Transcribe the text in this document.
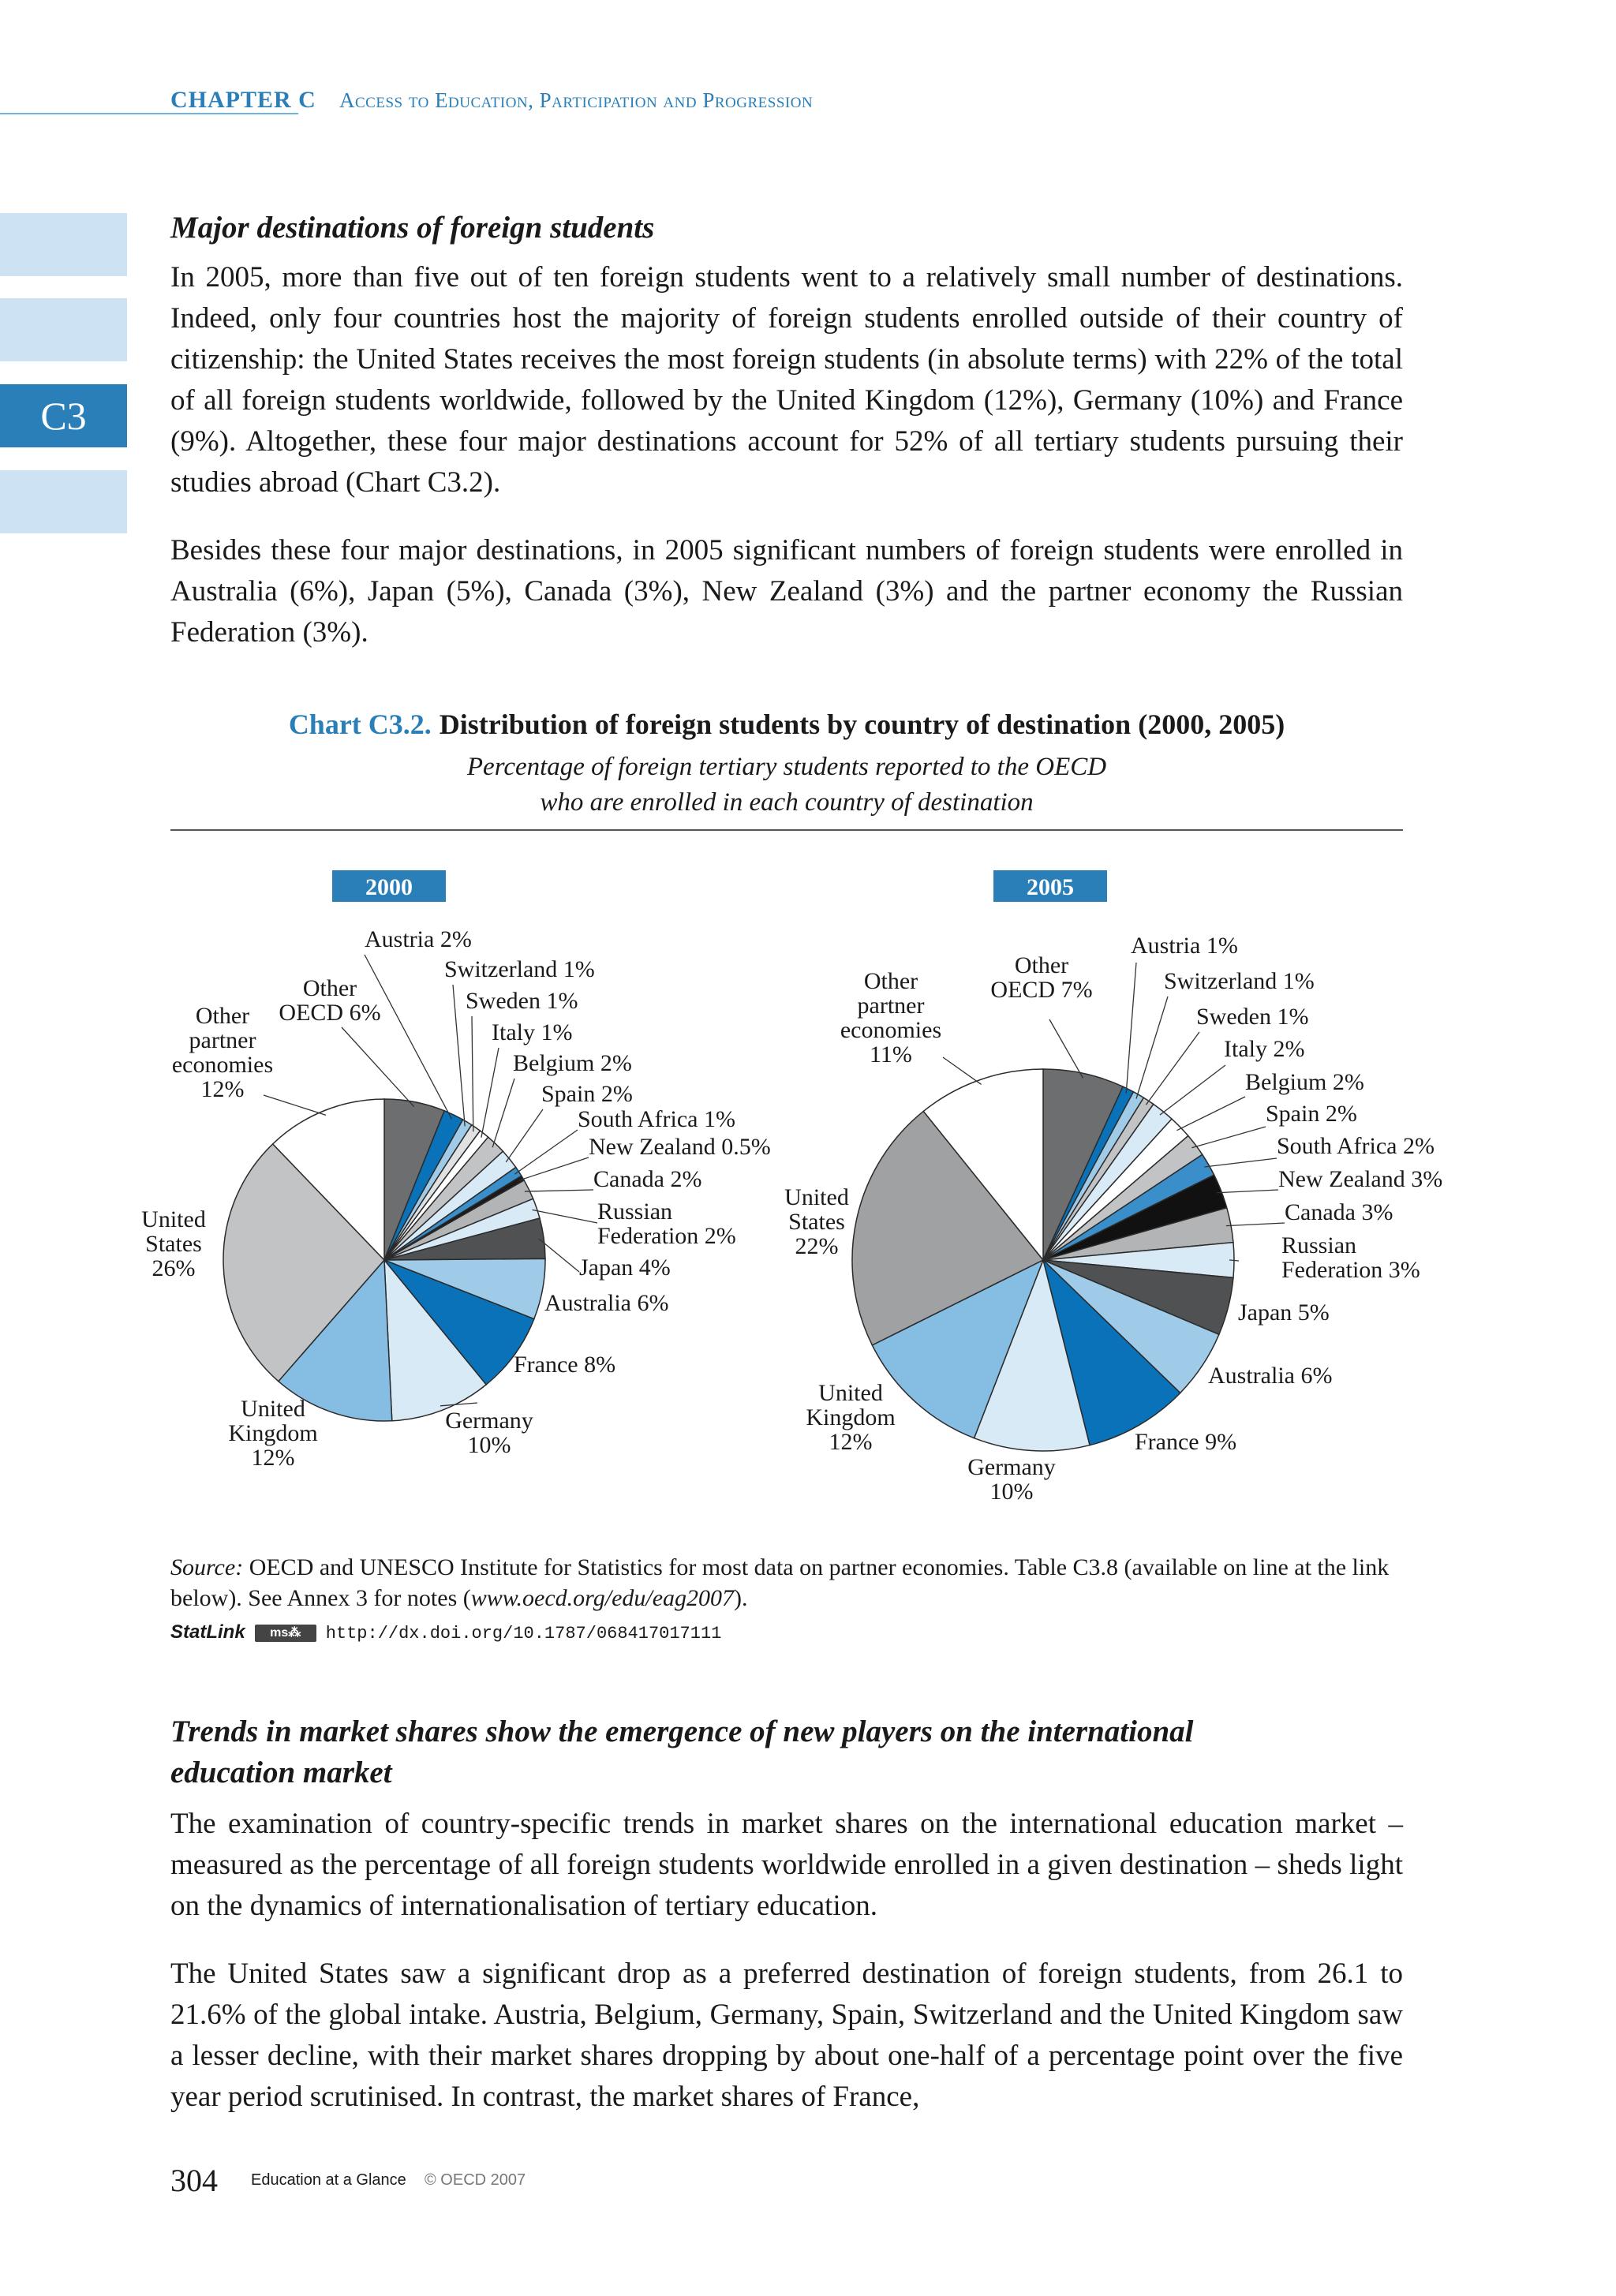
CHAPTER C Access to Education, Participation and Progression
C3
Major destinations of foreign students
In 2005, more than five out of ten foreign students went to a relatively small number of destinations. Indeed, only four countries host the majority of foreign students enrolled outside of their country of citizenship: the United States receives the most foreign students (in absolute terms) with 22% of the total of all foreign students worldwide, followed by the United Kingdom (12%), Germany (10%) and France (9%). Altogether, these four major destinations account for 52% of all tertiary students pursuing their studies abroad (Chart C3.2).
Besides these four major destinations, in 2005 significant numbers of foreign students were enrolled in Australia (6%), Japan (5%), Canada (3%), New Zealand (3%) and the partner economy the Russian Federation (3%).
Chart C3.2. Distribution of foreign students by country of destination (2000, 2005)
Percentage of foreign tertiary students reported to the OECD
who are enrolled in each country of destination
2000
Other OECD 6%
Austria 2%
Switzerland 1%
Sweden 1%
Italy 1%
Belgium 2%
Spain 2%
South Africa 1%
New Zealand 0.5%
Canada 2%
Russian Federation 2%
Japan 4%
Australia 6%
France 8%
Germany 10%
United Kingdom 12%
United States 26%
Other partner economies 12%
2005
Other OECD 7%
Austria 1%
Switzerland 1%
Sweden 1%
Italy 2%
Belgium 2%
Spain 2%
South Africa 2%
New Zealand 3%
Canada 3%
Russian Federation 3%
Japan 5%
Australia 6%
France 9%
Germany 10%
United Kingdom 12%
United States 22%
Other partner economies 11%
Source: OECD and UNESCO Institute for Statistics for most data on partner economies. Table C3.8 (available on line at the link below). See Annex 3 for notes (www.oecd.org/edu/eag2007).
StatLink ms⁂ http://dx.doi.org/10.1787/068417017111
Trends in market shares show the emergence of new players on the international
education market
The examination of country-specific trends in market shares on the international education market – measured as the percentage of all foreign students worldwide enrolled in a given destination – sheds light on the dynamics of internationalisation of tertiary education.
The United States saw a significant drop as a preferred destination of foreign students, from 26.1 to 21.6% of the global intake. Austria, Belgium, Germany, Spain, Switzerland and the United Kingdom saw a lesser decline, with their market shares dropping by about one-half of a percentage point over the five year period scrutinised. In contrast, the market shares of France,
304 Education at a Glance © OECD 2007
